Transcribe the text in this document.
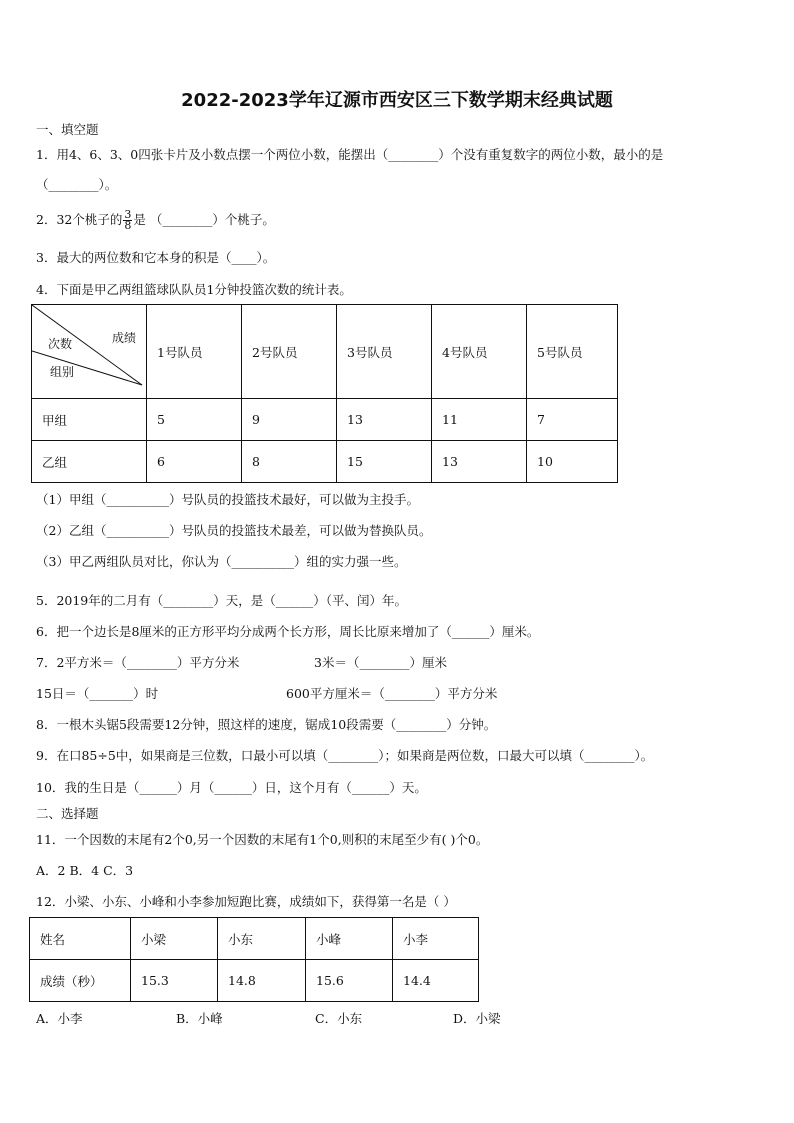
2022-2023学年辽源市西安区三下数学期末经典试题
一、填空题
1．用4、6、3、0四张卡片及小数点摆一个两位小数，能摆出（________）个没有重复数字的两位小数，最小的是
（________）。
2．32个桃子的 $\frac{3}{8}$ 是 （________）个桃子。
3．最大的两位数和它本身的积是（____）。
4．下面是甲乙两组篮球队队员1分钟投篮次数的统计表。
成绩
次数
组别	1号队员	2号队员	3号队员	4号队员	5号队员
甲组	5	9	13	11	7
乙组	6	8	15	13	10
（1）甲组（__________）号队员的投篮技术最好，可以做为主投手。
（2）乙组（__________）号队员的投篮技术最差，可以做为替换队员。
（3）甲乙两组队员对比，你认为（__________）组的实力强一些。
5．2019年的二月有（________）天，是（______）（平、闰）年。
6．把一个边长是8厘米的正方形平均分成两个长方形，周长比原来增加了（______）厘米。
7．2平方米＝（________）平方分米	3米＝（________）厘米
15日＝（_______）时	600平方厘米＝（________）平方分米
8．一根木头锯5段需要12分钟，照这样的速度，锯成10段需要（________）分钟。
9．在口85÷5中，如果商是三位数，口最小可以填（________）；如果商是两位数，口最大可以填（________）。
10．我的生日是（______）月（______）日，这个月有（______）天。
二、选择题
11．一个因数的末尾有2个0,另一个因数的末尾有1个0,则积的末尾至少有( )个0。
A．2 B．4 C．3
12．小梁、小东、小峰和小李参加短跑比赛，成绩如下，获得第一名是（ ）
姓名	小梁	小东	小峰	小李
成绩（秒）	15.3	14.8	15.6	14.4
A．小李	B．小峰	C．小东	D．小梁
